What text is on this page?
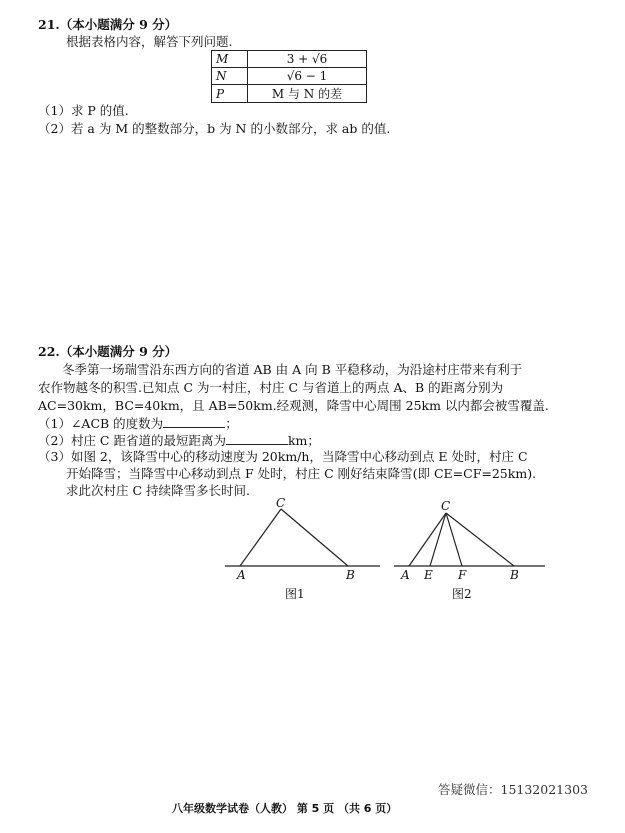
21.（本小题满分 9 分）
根据表格内容，解答下列问题.
M	3 + √6
N	√6 − 1
P	M 与 N 的差
（1）求 P 的值.
（2）若 a 为 M 的整数部分，b 为 N 的小数部分，求 ab 的值.
22.（本小题满分 9 分）
冬季第一场瑞雪沿东西方向的省道 AB 由 A 向 B 平稳移动，为沿途村庄带来有利于
农作物越冬的积雪.已知点 C 为一村庄，村庄 C 与省道上的两点 A、B 的距离分别为
AC=30km，BC=40km，且 AB=50km.经观测，降雪中心周围 25km 以内都会被雪覆盖.
（1）∠ACB 的度数为	；
（2）村庄 C 距省道的最短距离为	km；
（3）如图 2，该降雪中心的移动速度为 20km/h，当降雪中心移动到点 E 处时，村庄 C
开始降雪；当降雪中心移动到点 F 处时，村庄 C 刚好结束降雪(即 CE=CF=25km).
求此次村庄 C 持续降雪多长时间.
C
A	B
图1
C
A E F	B
图2
答疑微信：15132021303
八年级数学试卷（人教） 第 5 页 （共 6 页）
